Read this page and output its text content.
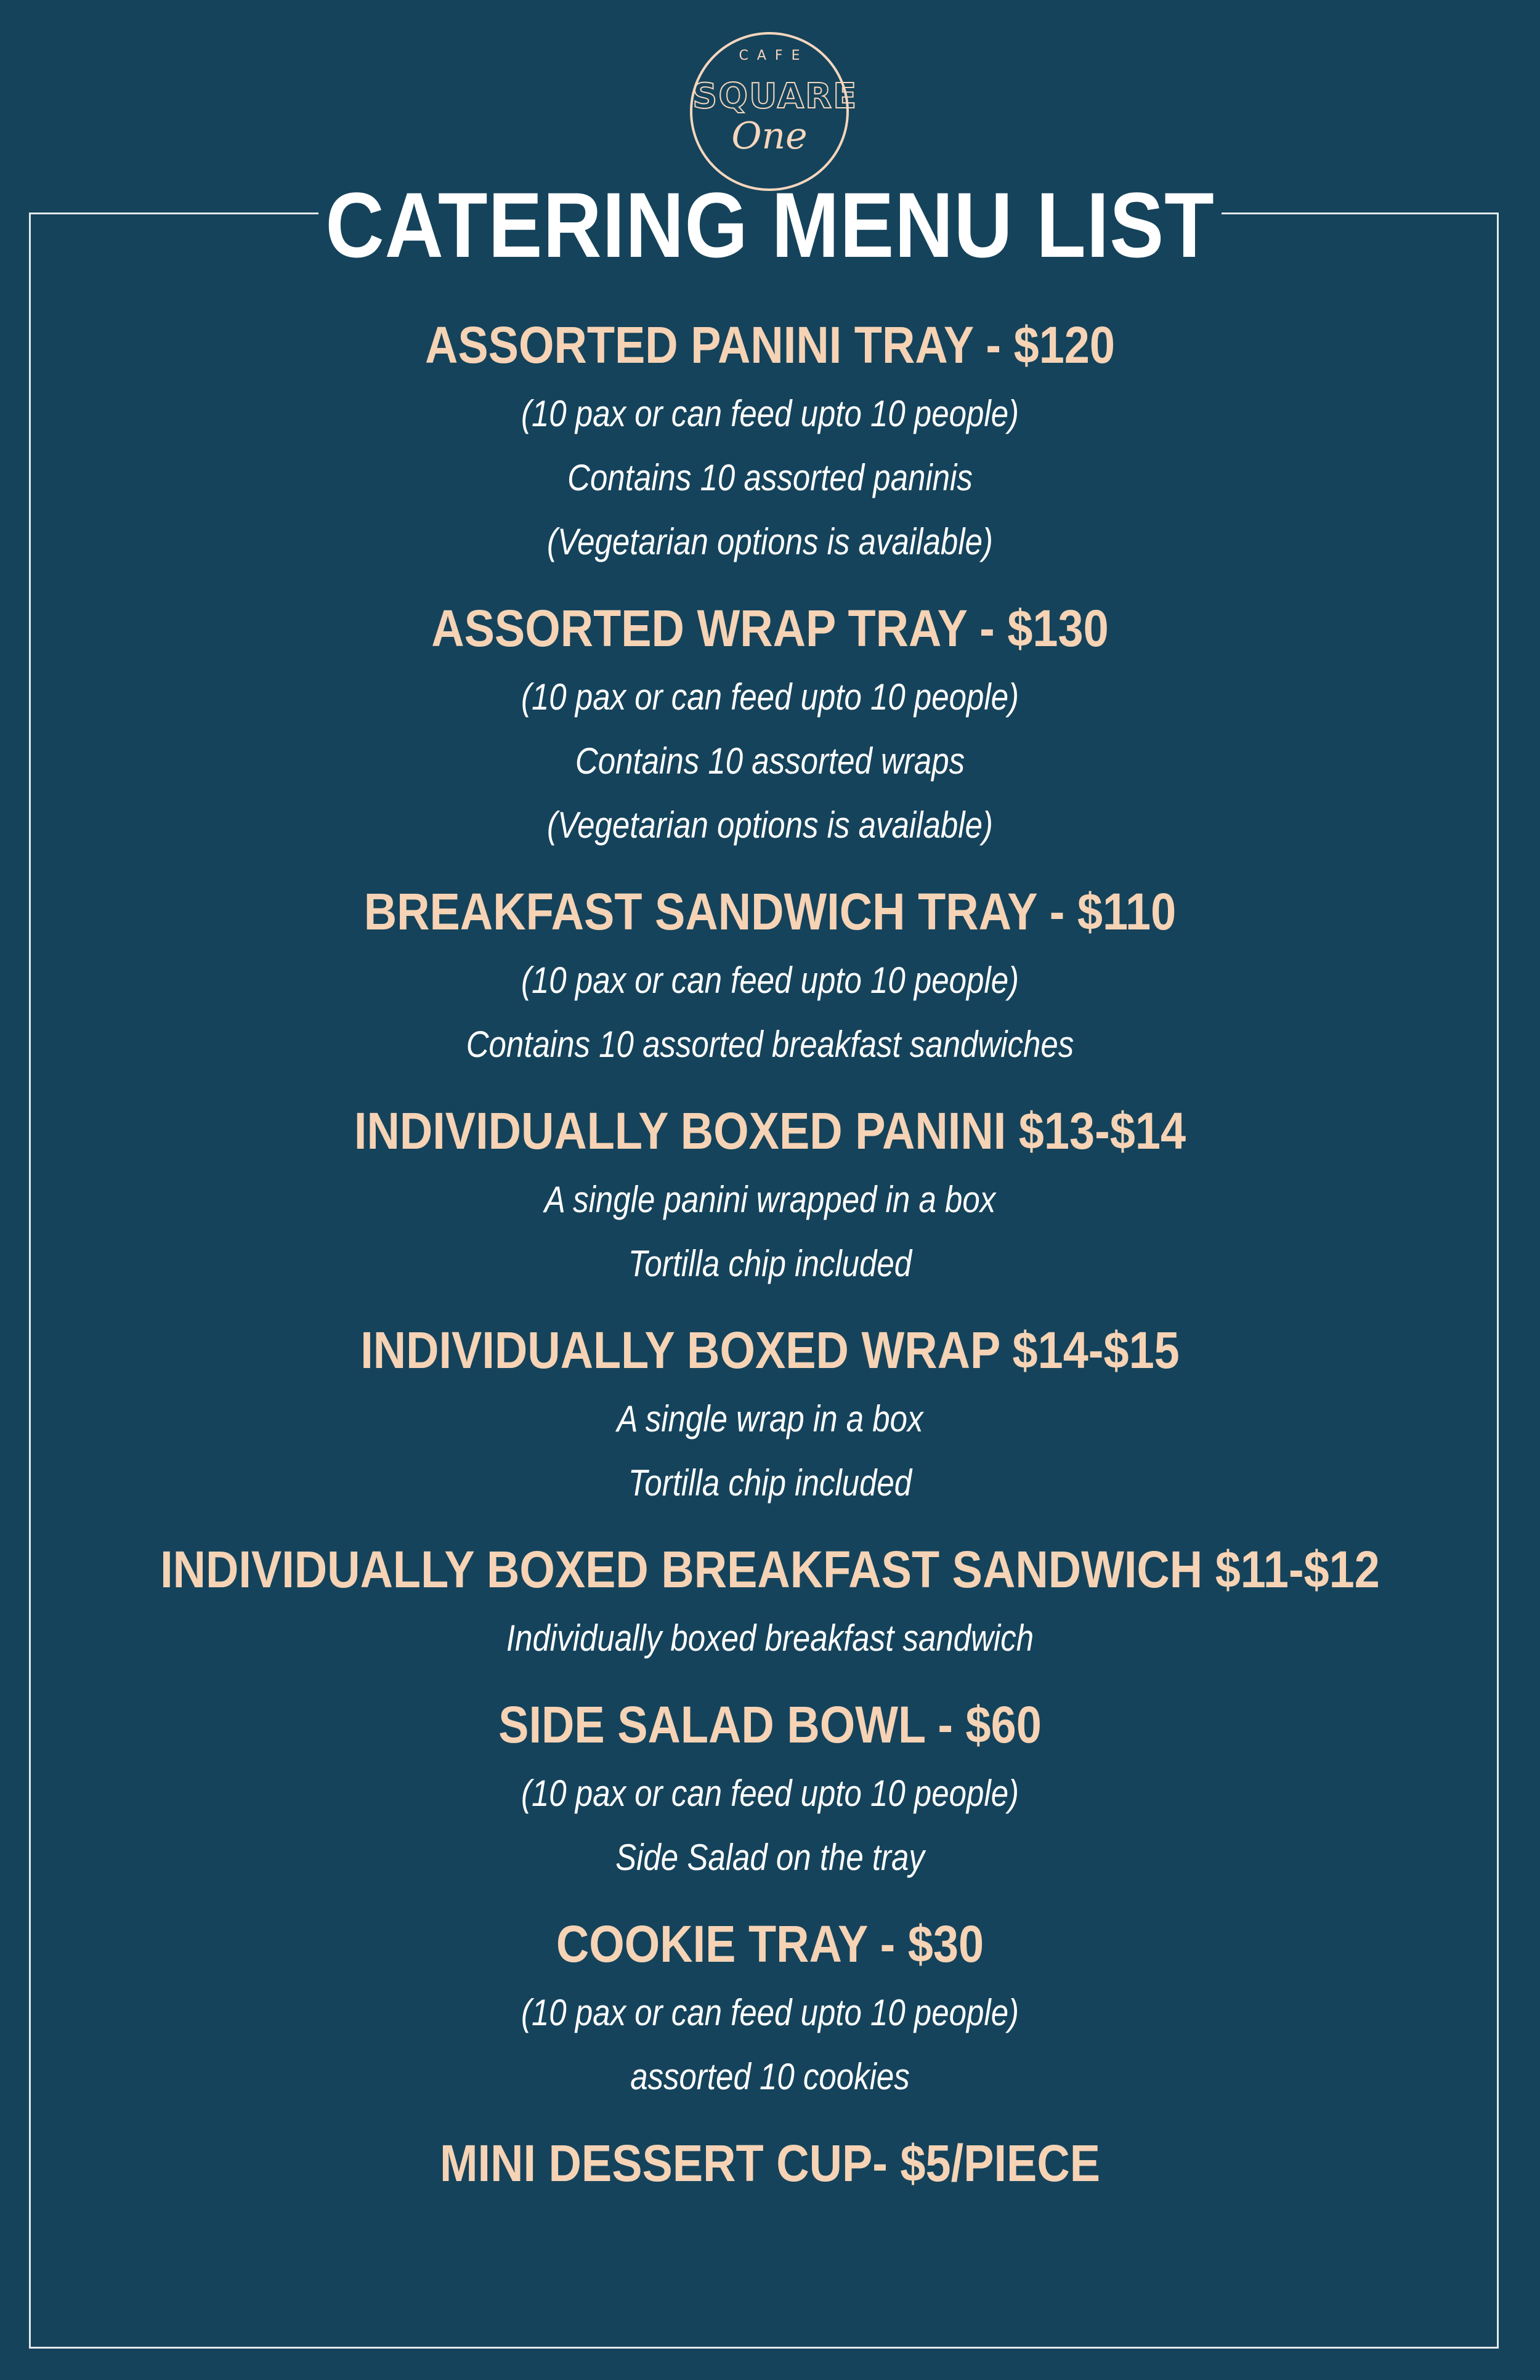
CAFE
SQUARE
One
CATERING MENU LIST
ASSORTED PANINI TRAY - $120
(10 pax or can feed upto 10 people)
Contains 10 assorted paninis
(Vegetarian options is available)
ASSORTED WRAP TRAY - $130
(10 pax or can feed upto 10 people)
Contains 10 assorted wraps
(Vegetarian options is available)
BREAKFAST SANDWICH TRAY - $110
(10 pax or can feed upto 10 people)
Contains 10 assorted breakfast sandwiches
INDIVIDUALLY BOXED PANINI $13-$14
A single panini wrapped in a box
Tortilla chip included
INDIVIDUALLY BOXED WRAP $14-$15
A single wrap in a box
Tortilla chip included
INDIVIDUALLY BOXED BREAKFAST SANDWICH $11-$12
Individually boxed breakfast sandwich
SIDE SALAD BOWL - $60
(10 pax or can feed upto 10 people)
Side Salad on the tray
COOKIE TRAY - $30
(10 pax or can feed upto 10 people)
assorted 10 cookies
MINI DESSERT CUP- $5/PIECE
